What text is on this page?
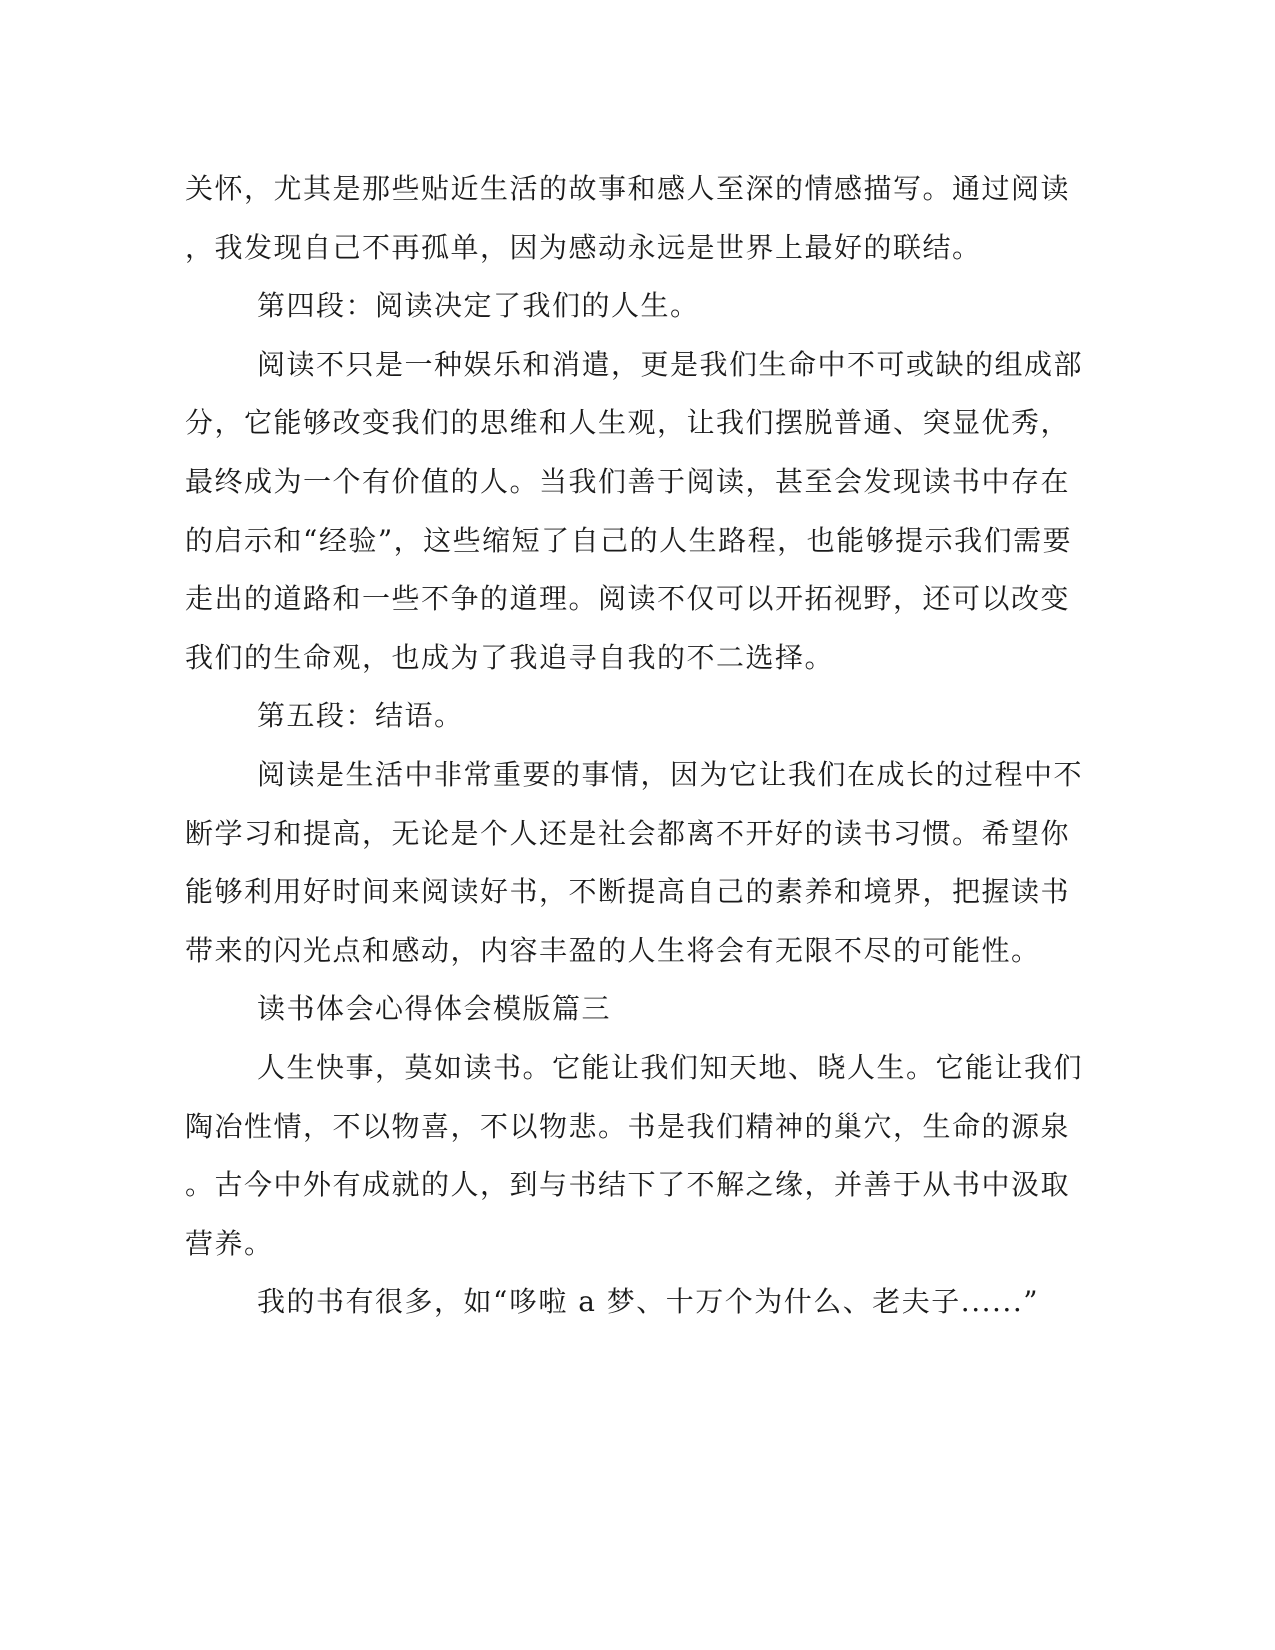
关怀，尤其是那些贴近生活的故事和感人至深的情感描写。通过阅读
，我发现自己不再孤单，因为感动永远是世界上最好的联结。
第四段：阅读决定了我们的人生。
阅读不只是一种娱乐和消遣，更是我们生命中不可或缺的组成部
分，它能够改变我们的思维和人生观，让我们摆脱普通、突显优秀，
最终成为一个有价值的人。当我们善于阅读，甚至会发现读书中存在
的启示和“经验”，这些缩短了自己的人生路程，也能够提示我们需要
走出的道路和一些不争的道理。阅读不仅可以开拓视野，还可以改变
我们的生命观，也成为了我追寻自我的不二选择。
第五段：结语。
阅读是生活中非常重要的事情，因为它让我们在成长的过程中不
断学习和提高，无论是个人还是社会都离不开好的读书习惯。希望你
能够利用好时间来阅读好书，不断提高自己的素养和境界，把握读书
带来的闪光点和感动，内容丰盈的人生将会有无限不尽的可能性。
读书体会心得体会模版篇三
人生快事，莫如读书。它能让我们知天地、晓人生。它能让我们
陶冶性情，不以物喜，不以物悲。书是我们精神的巢穴，生命的源泉
。古今中外有成就的人，到与书结下了不解之缘，并善于从书中汲取
营养。
我的书有很多，如“哆啦 a 梦、十万个为什么、老夫子......”
